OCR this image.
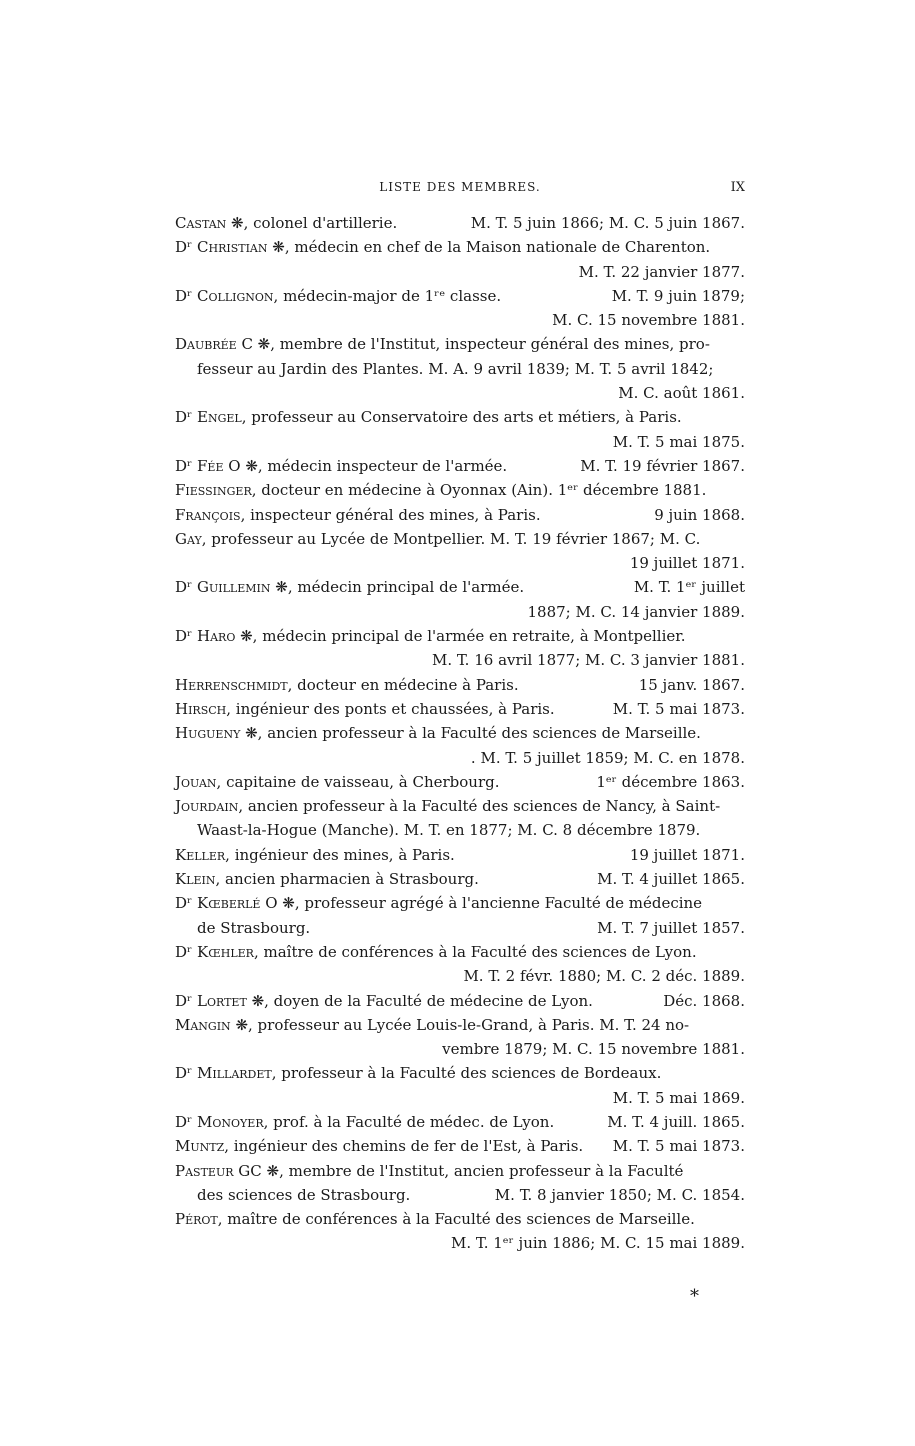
LISTE DES MEMBRES.	IX
Castan ❋, colonel d'artillerie.	M. T. 5 juin 1866; M. C. 5 juin 1867.
Dʳ Christian ❋, médecin en chef de la Maison nationale de Charenton.
M. T. 22 janvier 1877.
Dʳ Collignon, médecin-major de 1ʳᵉ classe.	M. T. 9 juin 1879;
M. C. 15 novembre 1881.
Daubrée C ❋, membre de l'Institut, inspecteur général des mines, pro-
fesseur au Jardin des Plantes. M. A. 9 avril 1839; M. T. 5 avril 1842;
M. C. août 1861.
Dʳ Engel, professeur au Conservatoire des arts et métiers, à Paris.
M. T. 5 mai 1875.
Dʳ Fée O ❋, médecin inspecteur de l'armée.	M. T. 19 février 1867.
Fiessinger, docteur en médecine à Oyonnax (Ain). 1ᵉʳ décembre 1881.
François, inspecteur général des mines, à Paris.	9 juin 1868.
Gay, professeur au Lycée de Montpellier. M. T. 19 février 1867; M. C.
19 juillet 1871.
Dʳ Guillemin ❋, médecin principal de l'armée.	M. T. 1ᵉʳ juillet
1887; M. C. 14 janvier 1889.
Dʳ Haro ❋, médecin principal de l'armée en retraite, à Montpellier.
M. T. 16 avril 1877; M. C. 3 janvier 1881.
Herrenschmidt, docteur en médecine à Paris.	15 janv. 1867.
Hirsch, ingénieur des ponts et chaussées, à Paris.	M. T. 5 mai 1873.
Hugueny ❋, ancien professeur à la Faculté des sciences de Marseille.
. M. T. 5 juillet 1859; M. C. en 1878.
Jouan, capitaine de vaisseau, à Cherbourg.	1ᵉʳ décembre 1863.
Jourdain, ancien professeur à la Faculté des sciences de Nancy, à Saint-
Waast-la-Hogue (Manche). M. T. en 1877; M. C. 8 décembre 1879.
Keller, ingénieur des mines, à Paris.	19 juillet 1871.
Klein, ancien pharmacien à Strasbourg.	M. T. 4 juillet 1865.
Dʳ Kœberlé O ❋, professeur agrégé à l'ancienne Faculté de médecine
de Strasbourg.	M. T. 7 juillet 1857.
Dʳ Kœhler, maître de conférences à la Faculté des sciences de Lyon.
M. T. 2 févr. 1880; M. C. 2 déc. 1889.
Dʳ Lortet ❋, doyen de la Faculté de médecine de Lyon.	Déc. 1868.
Mangin ❋, professeur au Lycée Louis-le-Grand, à Paris. M. T. 24 no-
vembre 1879; M. C. 15 novembre 1881.
Dʳ Millardet, professeur à la Faculté des sciences de Bordeaux.
M. T. 5 mai 1869.
Dʳ Monoyer, prof. à la Faculté de médec. de Lyon.	M. T. 4 juill. 1865.
Muntz, ingénieur des chemins de fer de l'Est, à Paris. M. T. 5 mai 1873.
Pasteur GC ❋, membre de l'Institut, ancien professeur à la Faculté
des sciences de Strasbourg.	M. T. 8 janvier 1850; M. C. 1854.
Pérot, maître de conférences à la Faculté des sciences de Marseille.
M. T. 1ᵉʳ juin 1886; M. C. 15 mai 1889.
*
